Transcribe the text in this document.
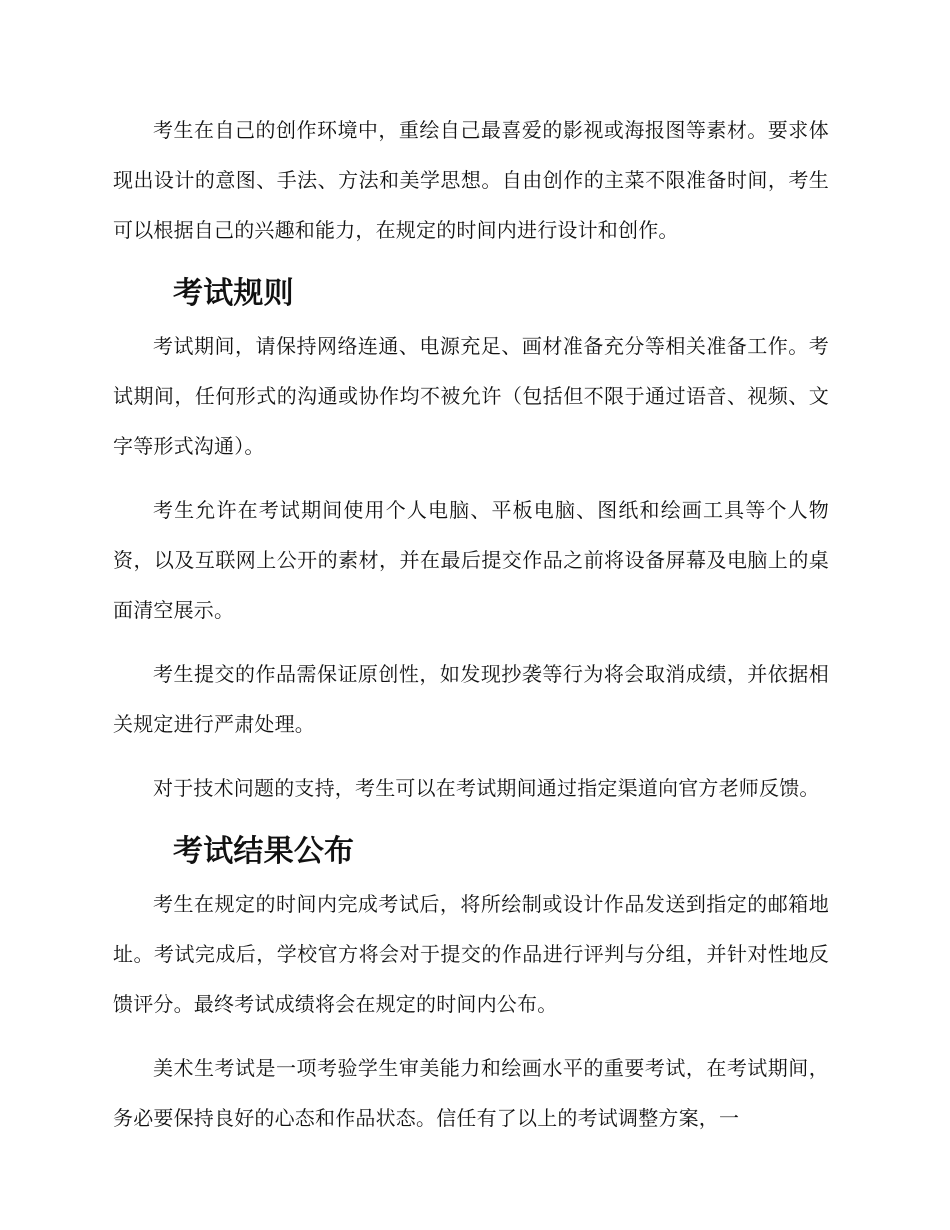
考生在自己的创作环境中，重绘自己最喜爱的影视或海报图等素材。要求体现出设计的意图、手法、方法和美学思想。自由创作的主菜不限准备时间，考生可以根据自己的兴趣和能力，在规定的时间内进行设计和创作。

考试规则

考试期间，请保持网络连通、电源充足、画材准备充分等相关准备工作。考试期间，任何形式的沟通或协作均不被允许（包括但不限于通过语音、视频、文字等形式沟通）。

考生允许在考试期间使用个人电脑、平板电脑、图纸和绘画工具等个人物资，以及互联网上公开的素材，并在最后提交作品之前将设备屏幕及电脑上的桌面清空展示。

考生提交的作品需保证原创性，如发现抄袭等行为将会取消成绩，并依据相关规定进行严肃处理。

对于技术问题的支持，考生可以在考试期间通过指定渠道向官方老师反馈。

考试结果公布

考生在规定的时间内完成考试后，将所绘制或设计作品发送到指定的邮箱地址。考试完成后，学校官方将会对于提交的作品进行评判与分组，并针对性地反馈评分。最终考试成绩将会在规定的时间内公布。

美术生考试是一项考验学生审美能力和绘画水平的重要考试，在考试期间，务必要保持良好的心态和作品状态。信任有了以上的考试调整方案，一
